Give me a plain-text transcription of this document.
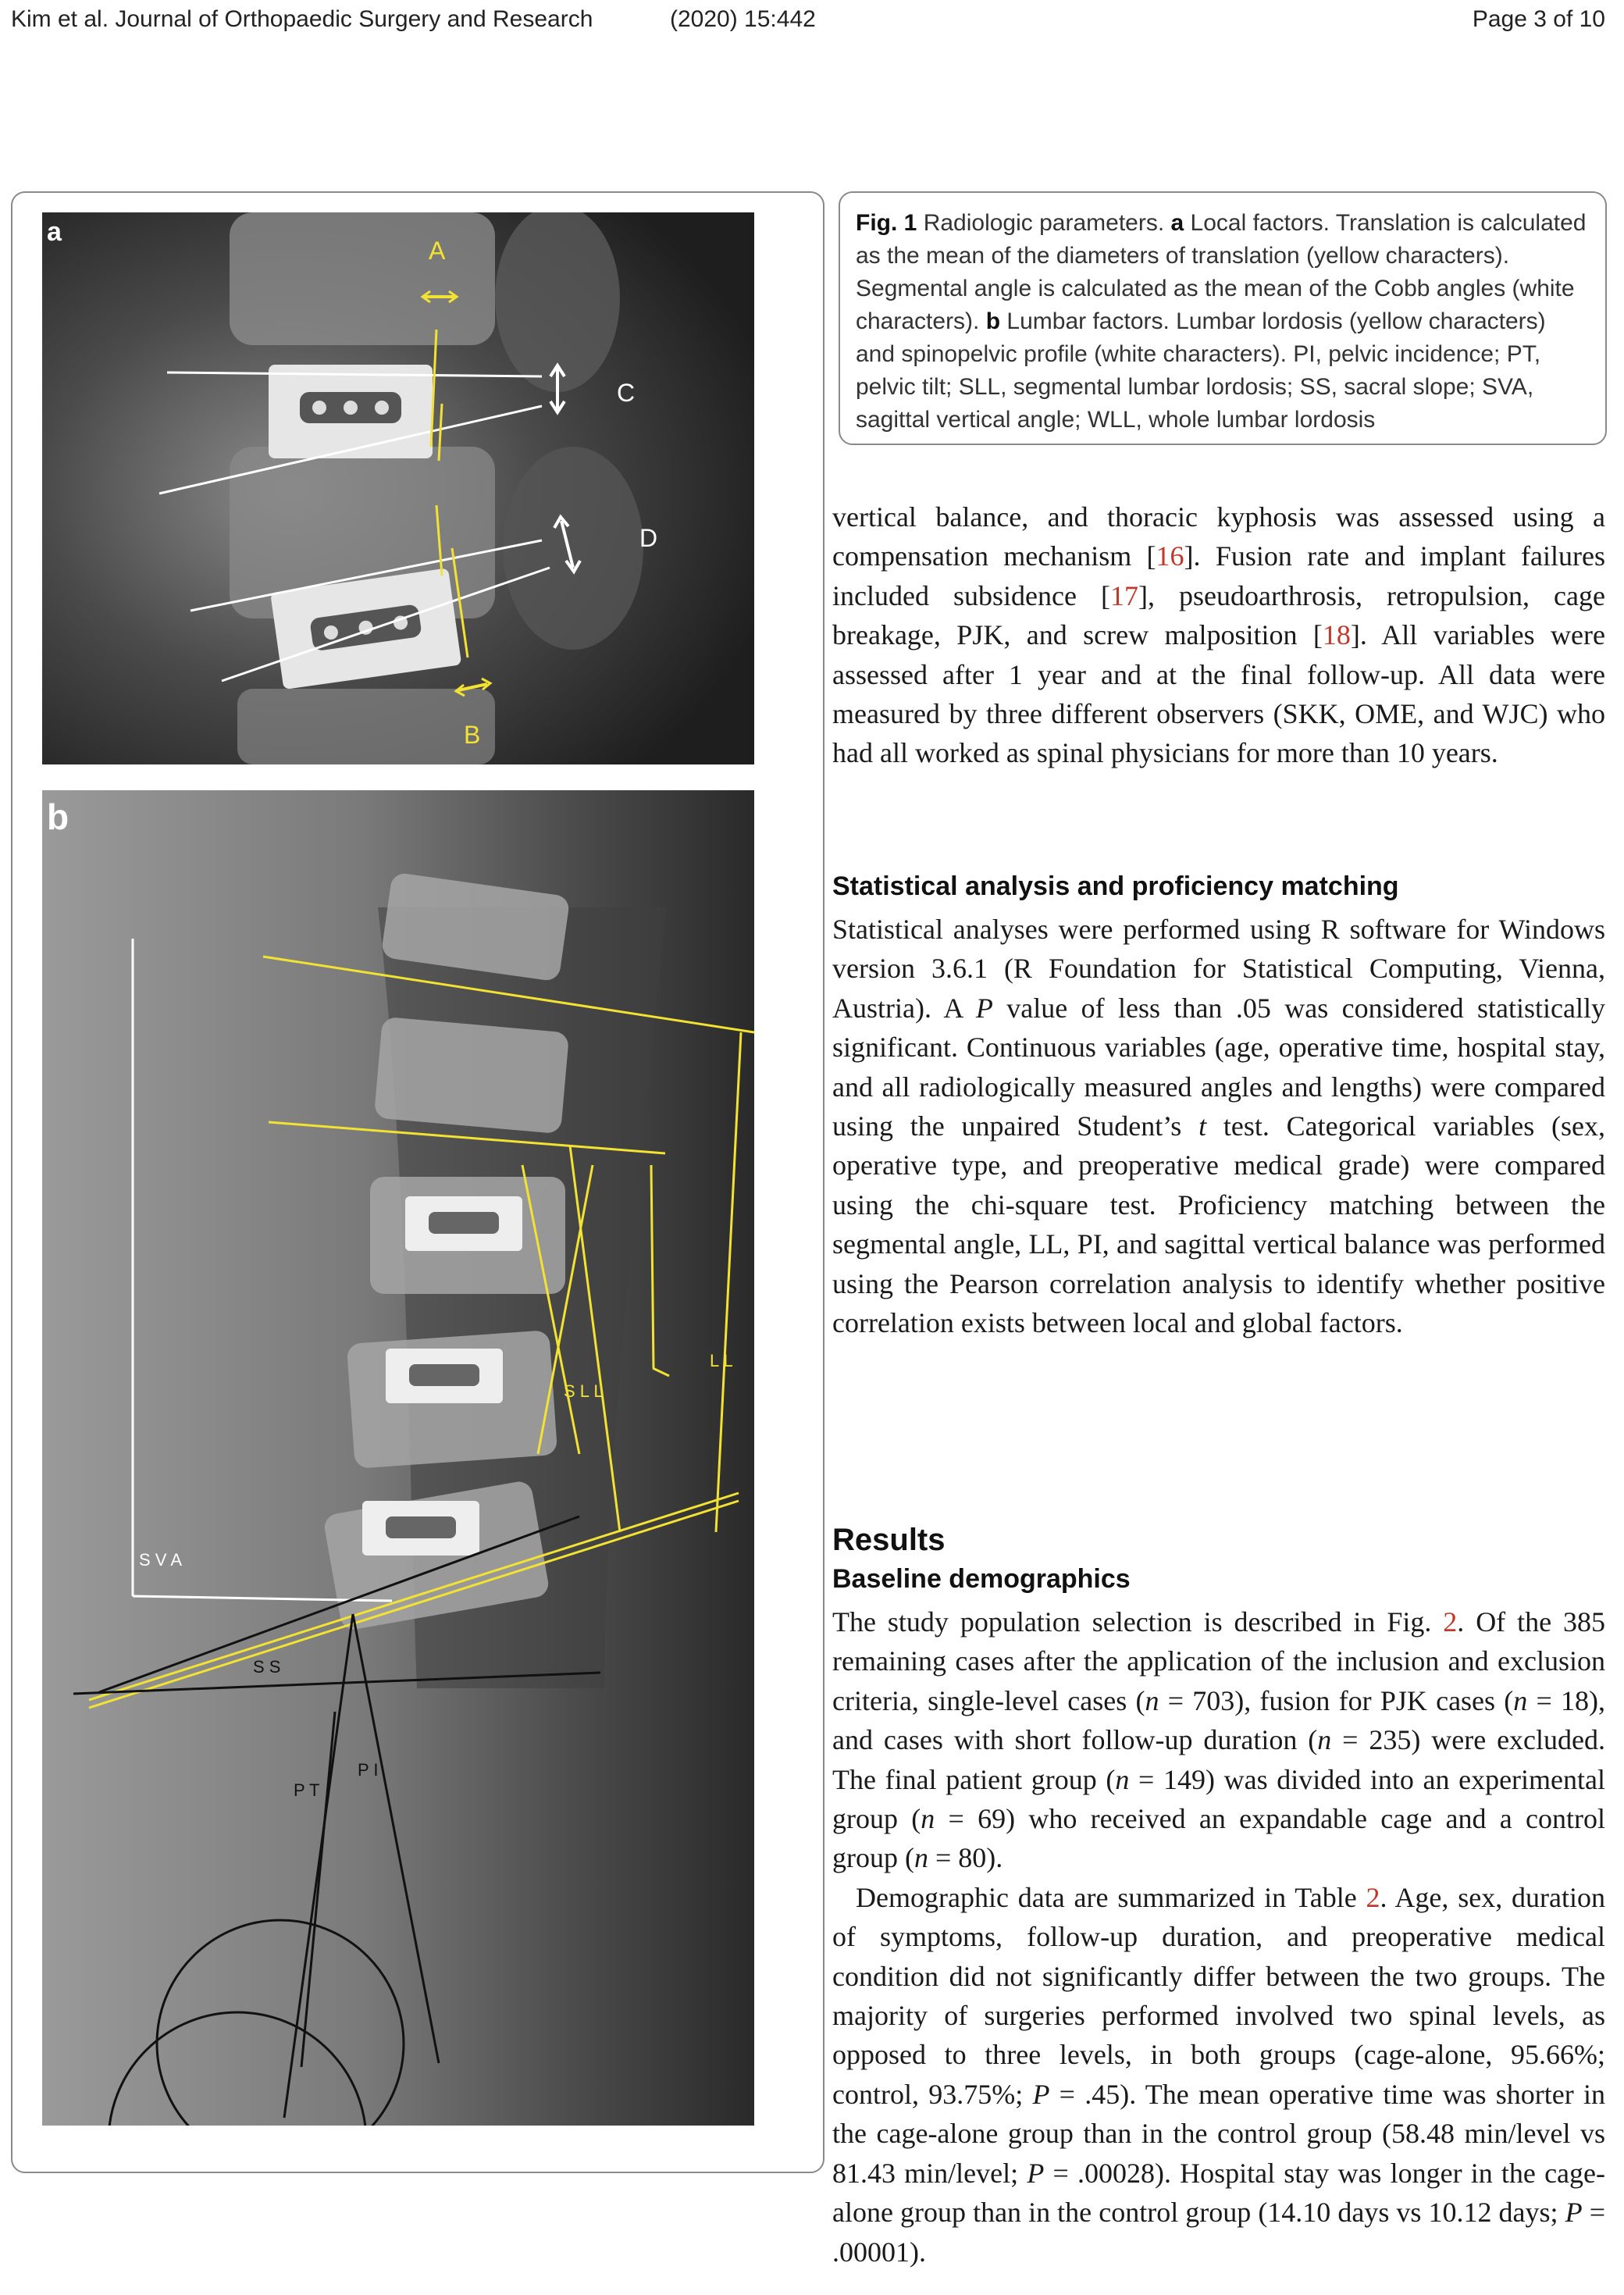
Kim et al. Journal of Orthopaedic Surgery and Research	(2020) 15:442	Page 3 of 10
a
A
B
C
D
b
S L L
L L
S V A
S S
P T
P I
Fig. 1 Radiologic parameters. a Local factors. Translation is calculated as the mean of the diameters of translation (yellow characters). Segmental angle is calculated as the mean of the Cobb angles (white characters). b Lumbar factors. Lumbar lordosis (yellow characters) and spinopelvic profile (white characters). PI, pelvic incidence; PT, pelvic tilt; SLL, segmental lumbar lordosis; SS, sacral slope; SVA, sagittal vertical angle; WLL, whole lumbar lordosis

vertical balance, and thoracic kyphosis was assessed using a compensation mechanism [16]. Fusion rate and implant failures included subsidence [17], pseudoarthrosis, retropulsion, cage breakage, PJK, and screw malposition [18]. All variables were assessed after 1 year and at the final follow-up. All data were measured by three different observers (SKK, OME, and WJC) who had all worked as spinal physicians for more than 10 years.

Statistical analysis and proficiency matching

Statistical analyses were performed using R software for Windows version 3.6.1 (R Foundation for Statistical Computing, Vienna, Austria). A P value of less than .05 was considered statistically significant. Continuous variables (age, operative time, hospital stay, and all radiologically measured angles and lengths) were compared using the unpaired Student’s t test. Categorical variables (sex, operative type, and preoperative medical grade) were compared using the chi-square test. Proficiency matching between the segmental angle, LL, PI, and sagittal vertical balance was performed using the Pearson correlation analysis to identify whether positive correlation exists between local and global factors.

Results
Baseline demographics

The study population selection is described in Fig. 2. Of the 385 remaining cases after the application of the inclusion and exclusion criteria, single-level cases (n = 703), fusion for PJK cases (n = 18), and cases with short follow-up duration (n = 235) were excluded. The final patient group (n = 149) was divided into an experimental group (n = 69) who received an expandable cage and a control group (n = 80).

Demographic data are summarized in Table 2. Age, sex, duration of symptoms, follow-up duration, and preoperative medical condition did not significantly differ between the two groups. The majority of surgeries performed involved two spinal levels, as opposed to three levels, in both groups (cage-alone, 95.66%; control, 93.75%; P = .45). The mean operative time was shorter in the cage-alone group than in the control group (58.48 min/level vs 81.43 min/level; P = .00028). Hospital stay was longer in the cage-alone group than in the control group (14.10 days vs 10.12 days; P = .00001).
